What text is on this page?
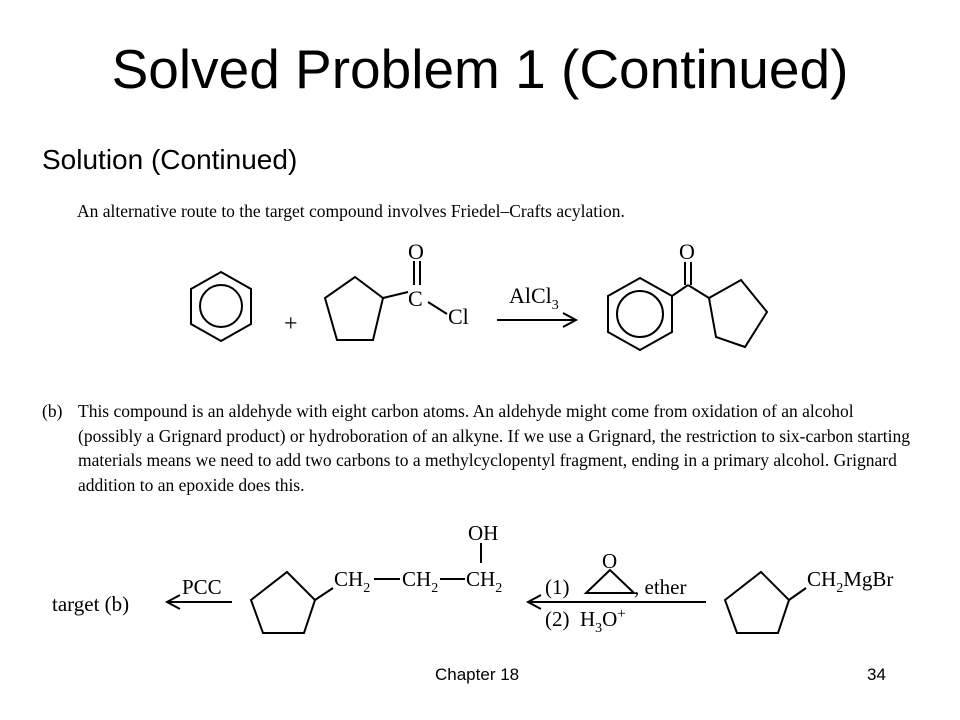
Solved Problem 1 (Continued)
Solution (Continued)
An alternative route to the target compound involves Friedel–Crafts acylation.
+
O
C
Cl
AlCl$_3$
O
(b) This compound is an aldehyde with eight carbon atoms. An aldehyde might come from oxidation of an alcohol (possibly a Grignard product) or hydroboration of an alkyne. If we use a Grignard, the restriction to six-carbon starting materials means we need to add two carbons to a methylcyclopentyl fragment, ending in a primary alcohol. Grignard addition to an epoxide does this.
target (b)
PCC
OH
$CH_2$ $CH_2$ $CH_2$ (1)
O
, ether
(2) $H_3O^+$
$CH_2MgBr$
Chapter 18	34
